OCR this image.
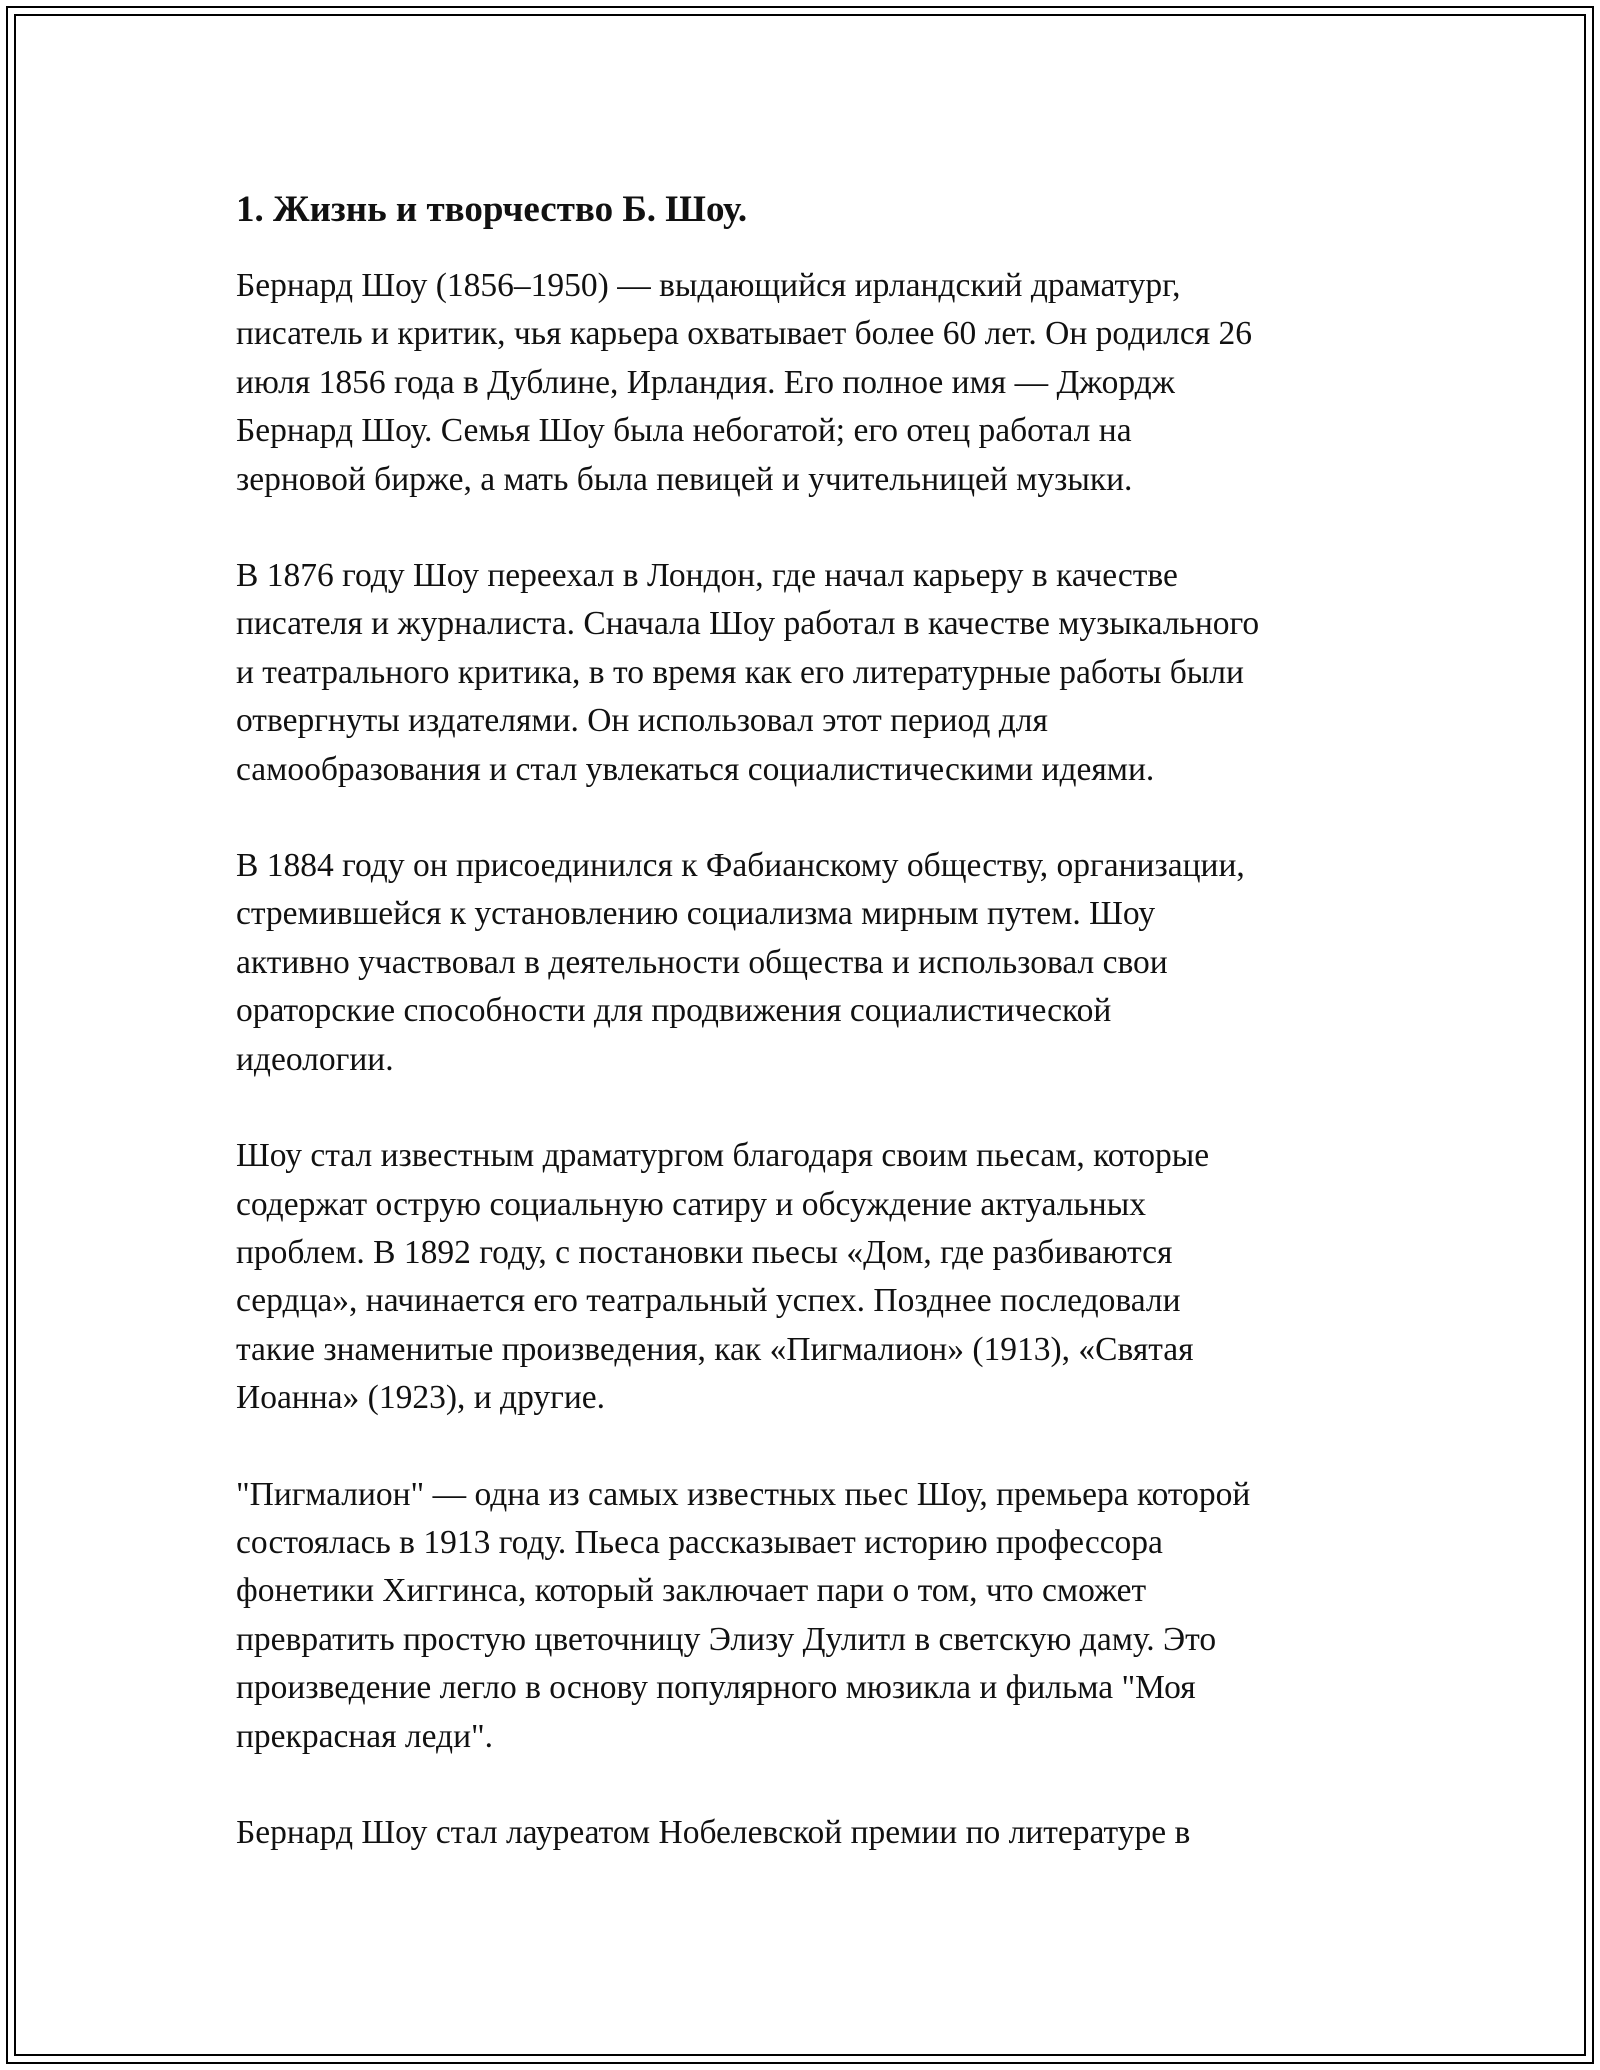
1. Жизнь и творчество Б. Шоу.

Бернард Шоу (1856–1950) — выдающийся ирландский драматург,
писатель и критик, чья карьера охватывает более 60 лет. Он родился 26
июля 1856 года в Дублине, Ирландия. Его полное имя — Джордж
Бернард Шоу. Семья Шоу была небогатой; его отец работал на
зерновой бирже, а мать была певицей и учительницей музыки.

В 1876 году Шоу переехал в Лондон, где начал карьеру в качестве
писателя и журналиста. Сначала Шоу работал в качестве музыкального
и театрального критика, в то время как его литературные работы были
отвергнуты издателями. Он использовал этот период для
самообразования и стал увлекаться социалистическими идеями.

В 1884 году он присоединился к Фабианскому обществу, организации,
стремившейся к установлению социализма мирным путем. Шоу
активно участвовал в деятельности общества и использовал свои
ораторские способности для продвижения социалистической
идеологии.

Шоу стал известным драматургом благодаря своим пьесам, которые
содержат острую социальную сатиру и обсуждение актуальных
проблем. В 1892 году, с постановки пьесы «Дом, где разбиваются
сердца», начинается его театральный успех. Позднее последовали
такие знаменитые произведения, как «Пигмалион» (1913), «Святая
Иоанна» (1923), и другие.

"Пигмалион" — одна из самых известных пьес Шоу, премьера которой
состоялась в 1913 году. Пьеса рассказывает историю профессора
фонетики Хиггинса, который заключает пари о том, что сможет
превратить простую цветочницу Элизу Дулитл в светскую даму. Это
произведение легло в основу популярного мюзикла и фильма "Моя
прекрасная леди".

Бернард Шоу стал лауреатом Нобелевской премии по литературе в
